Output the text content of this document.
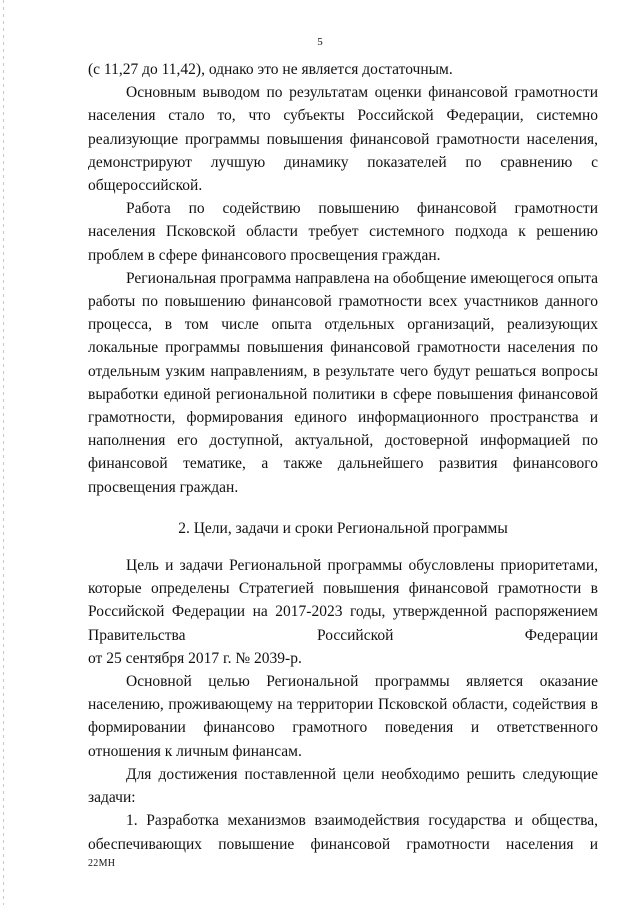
5

(с 11,27 до 11,42), однако это не является достаточным.

Основным выводом по результатам оценки финансовой грамотности населения стало то, что субъекты Российской Федерации, системно реализующие программы повышения финансовой грамотности населения, демонстрируют лучшую динамику показателей по сравнению с общероссийской.

Работа по содействию повышению финансовой грамотности населения Псковской области требует системного подхода к решению проблем в сфере финансового просвещения граждан.

Региональная программа направлена на обобщение имеющегося опыта работы по повышению финансовой грамотности всех участников данного процесса, в том числе опыта отдельных организаций, реализующих локальные программы повышения финансовой грамотности населения по отдельным узким направлениям, в результате чего будут решаться вопросы выработки единой региональной политики в сфере повышения финансовой грамотности, формирования единого информационного пространства и наполнения его доступной, актуальной, достоверной информацией по финансовой тематике, а также дальнейшего развития финансового просвещения граждан.

2. Цели, задачи и сроки Региональной программы

Цель и задачи Региональной программы обусловлены приоритетами, которые определены Стратегией повышения финансовой грамотности в Российской Федерации на 2017-2023 годы, утвержденной распоряжением Правительства Российской Федерации

от 25 сентября 2017 г. № 2039-р.

Основной целью Региональной программы является оказание населению, проживающему на территории Псковской области, содействия в формировании финансово грамотного поведения и ответственного отношения к личным финансам.

Для достижения поставленной цели необходимо решить следующие задачи:

1. Разработка механизмов взаимодействия государства и общества, обеспечивающих повышение финансовой грамотности населения и

22МН
